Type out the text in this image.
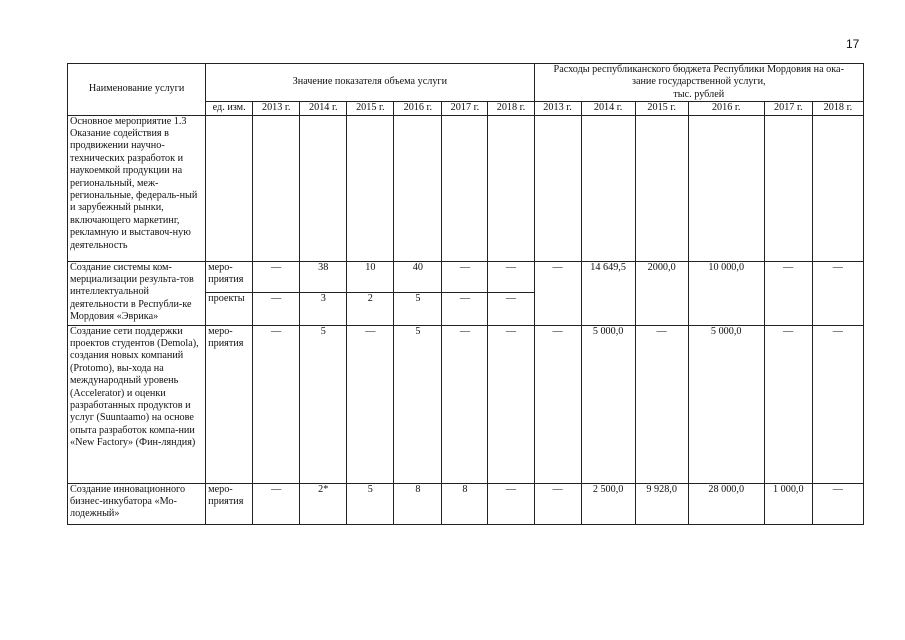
17
Наименование услуги	Значение показателя объема услуги							Расходы республиканского бюджета Республики Мордовия на ока-
зание государственной услуги,
тыс. рублей					

	ед. изм.	2013 г.	2014 г.	2015 г.	2016 г.	2017 г.	2018 г.	2013 г.	2014 г.	2015 г.	2016 г.	2017 г.	2018 г.
Основное мероприятие 1.3 Оказание содействия в продвижении научно-технических разработок и наукоемкой продукции на региональный, меж-региональные, федераль-ный и зарубежный рынки, включающего маркетинг, рекламную и выставоч-ную деятельность													
Создание системы ком-мерциализации результа-тов интеллектуальной деятельности в Республи-ке Мордовия «Эврика»	меро-приятия	—	38	10	40	—	—	—	14 649,5	2000,0	10 000,0	—	—
	проекты	—	3	2	5	—	—						
Создание сети поддержки проектов студентов (Demola), создания новых компаний (Protomo), вы-хода на международный уровень (Accelerator) и оценки разработанных продуктов и услуг (Suuntaamo) на основе опыта разработок компа-нии «New Factory» (Фин-ляндия)	меро-приятия	—	5	—	5	—	—	—	5 000,0	—	5 000,0	—	—
Создание инновационного бизнес-инкубатора «Мо-лодежный»	меро-приятия	—	2*	5	8	8	—	—	2 500,0	9 928,0	28 000,0	1 000,0	—
